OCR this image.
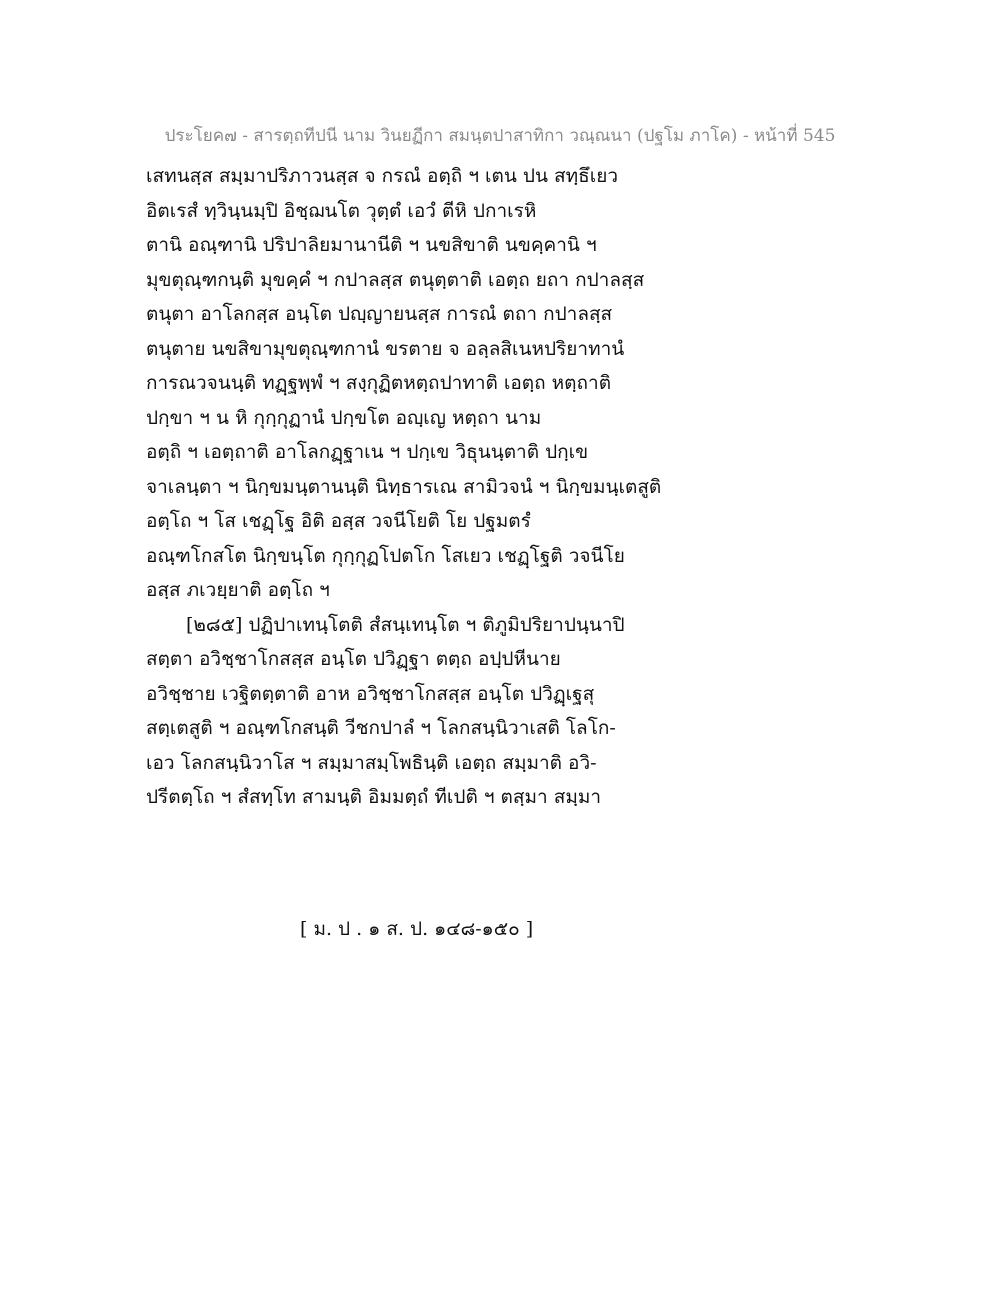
ประโยค๗ - สารตฺถทีปนี นาม วินยฏีกา สมนฺตปาสาทิกา วณฺณนา (ปฐโม ภาโค) - หน้าที่ 545
เสทนสฺส สมฺมาปริภาวนสฺส จ กรณํ อตฺถิ ฯ เตน ปน สทฺธึเยว
อิตเรสํ ทฺวินฺนมฺปิ อิชฺฌนโต วุตฺตํ เอวํ ตีหิ ปกาเรหิ
ตานิ อณฺฑานิ ปริปาลิยมานานีติ ฯ นขสิขาติ นขคฺคานิ ฯ
มุขตุณฺฑกนฺติ มุขคฺคํ ฯ กปาลสฺส ตนุตฺตาติ เอตฺถ ยถา กปาลสฺส
ตนุตา อาโลกสฺส อนฺโต ปญฺญายนสฺส การณํ ตถา กปาลสฺส
ตนุตาย นขสิขามุขตุณฺฑกานํ ขรตาย จ อลฺลสิเนหปริยาทานํ
การณวจนนฺติ ทฏฺฐพฺพํ ฯ สงฺกุฏิตหตฺถปาทาติ เอตฺถ หตฺถาติ
ปกฺขา ฯ น หิ กุกฺกุฏานํ ปกฺขโต อญฺเญ หตฺถา นาม
อตฺถิ ฯ เอตฺถาติ อาโลกฏฺฐาเน ฯ ปกฺเข วิธุนนฺตาติ ปกฺเข
จาเลนฺตา ฯ นิกฺขมนฺตานนฺติ นิทฺธารเณ สามิวจนํ ฯ นิกฺขมนฺเตสูติ
อตฺโถ ฯ โส เชฏฺโฐ อิติ อสฺส วจนีโยติ โย ปฐมตรํ
อณฺฑโกสโต นิกฺขนฺโต กุกฺกุฏโปตโก โสเยว เชฏฺโฐติ วจนีโย
อสฺส ภเวยฺยาติ อตฺโถ ฯ
[๒๘๕] ปฏิปาเทนฺโตติ สํสนฺเทนฺโต ฯ ติภูมิปริยาปนฺนาปิ
สตฺตา อวิชฺชาโกสสฺส อนฺโต ปวิฏฺฐา ตตฺถ อปฺปหีนาย
อวิชฺชาย เวฐิตตฺตาติ อาห อวิชฺชาโกสสฺส อนฺโต ปวิฏฺเฐสุ
สตฺเตสูติ ฯ อณฺฑโกสนฺติ วีชกปาลํ ฯ โลกสนฺนิวาเสติ โลโก-
เอว โลกสนฺนิวาโส ฯ สมฺมาสมฺโพธินฺติ เอตฺถ สมฺมาติ อวิ-
ปรีตตฺโถ ฯ สํสทฺโท สามนฺติ อิมมตฺถํ ทีเปติ ฯ ตสฺมา สมฺมา
[ ม. ป . ๑ ส. ป. ๑๔๘-๑๕๐ ]
